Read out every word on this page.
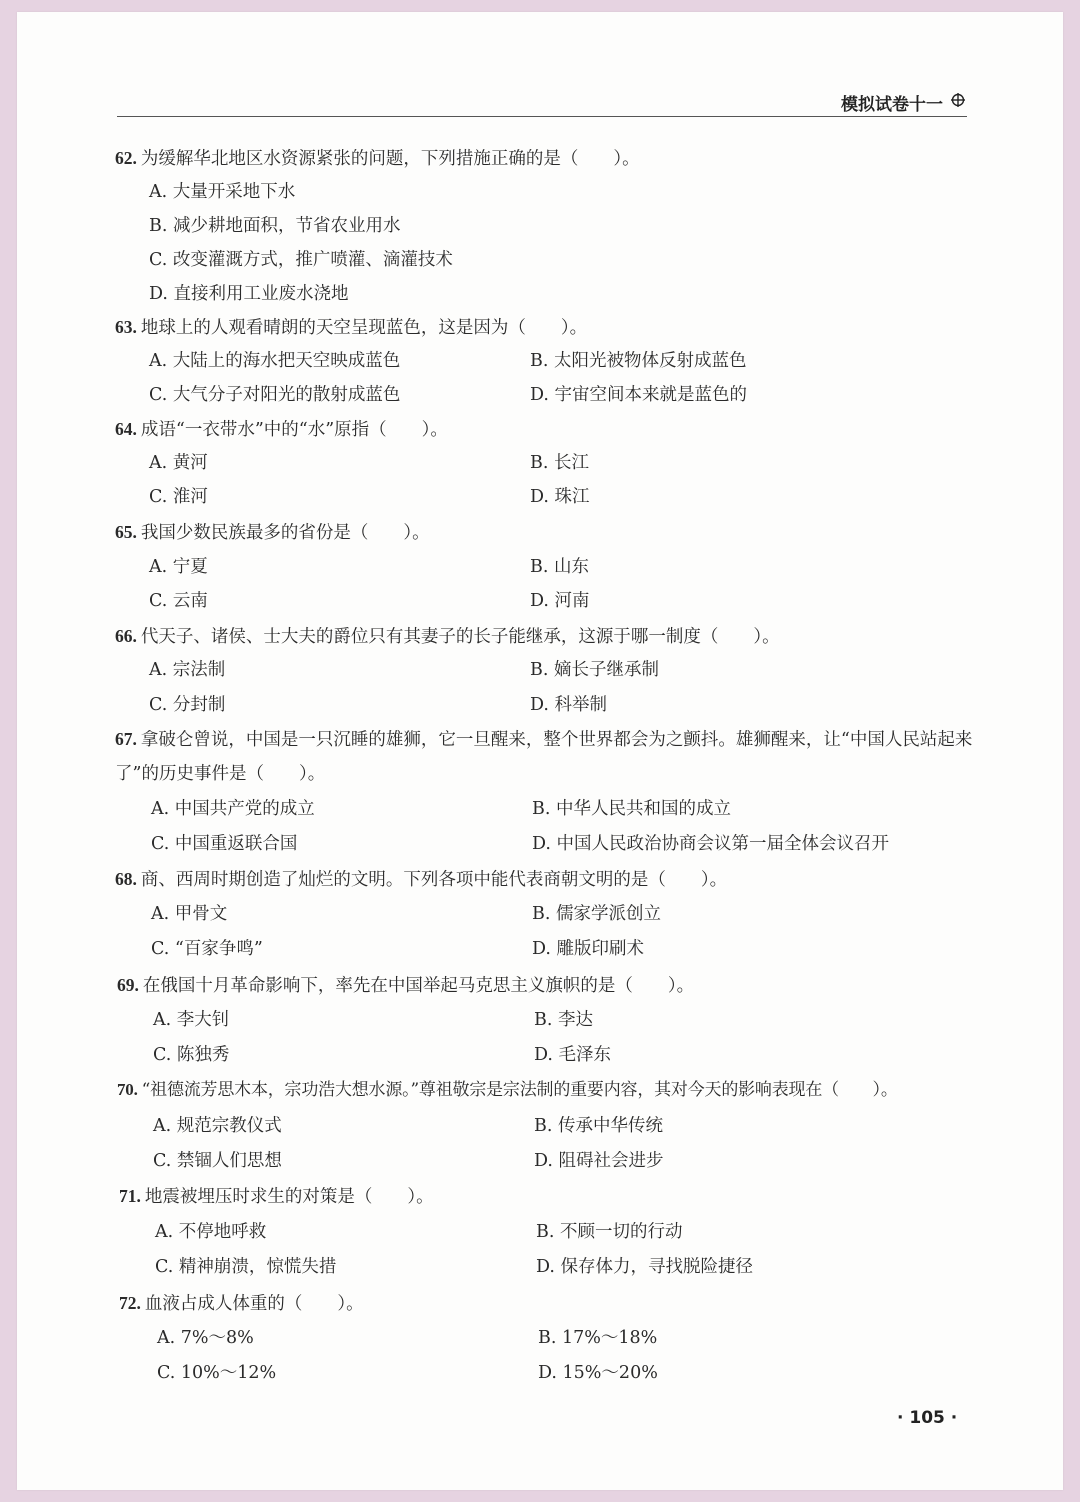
模拟试卷十一
62. 为缓解华北地区水资源紧张的问题，下列措施正确的是（　　）。
A. 大量开采地下水
B. 减少耕地面积，节省农业用水
C. 改变灌溉方式，推广喷灌、滴灌技术
D. 直接利用工业废水浇地
63. 地球上的人观看晴朗的天空呈现蓝色，这是因为（　　）。
A. 大陆上的海水把天空映成蓝色	B. 太阳光被物体反射成蓝色
C. 大气分子对阳光的散射成蓝色	D. 宇宙空间本来就是蓝色的
64. 成语“一衣带水”中的“水”原指（　　）。
A. 黄河	B. 长江
C. 淮河	D. 珠江
65. 我国少数民族最多的省份是（　　）。
A. 宁夏	B. 山东
C. 云南	D. 河南
66. 代天子、诸侯、士大夫的爵位只有其妻子的长子能继承，这源于哪一制度（　　）。
A. 宗法制	B. 嫡长子继承制
C. 分封制	D. 科举制
67. 拿破仑曾说，中国是一只沉睡的雄狮，它一旦醒来，整个世界都会为之颤抖。雄狮醒来，让“中国人民站起来了”的历史事件是（　　）。
A. 中国共产党的成立	B. 中华人民共和国的成立
C. 中国重返联合国	D. 中国人民政治协商会议第一届全体会议召开
68. 商、西周时期创造了灿烂的文明。下列各项中能代表商朝文明的是（　　）。
A. 甲骨文	B. 儒家学派创立
C. “百家争鸣”	D. 雕版印刷术
69. 在俄国十月革命影响下，率先在中国举起马克思主义旗帜的是（　　）。
A. 李大钊	B. 李达
C. 陈独秀	D. 毛泽东
70. “祖德流芳思木本，宗功浩大想水源。”尊祖敬宗是宗法制的重要内容，其对今天的影响表现在（　　）。
A. 规范宗教仪式	B. 传承中华传统
C. 禁锢人们思想	D. 阻碍社会进步
71. 地震被埋压时求生的对策是（　　）。
A. 不停地呼救	B. 不顾一切的行动
C. 精神崩溃，惊慌失措	D. 保存体力，寻找脱险捷径
72. 血液占成人体重的（　　）。
A. 7%～8%	B. 17%～18%
C. 10%～12%	D. 15%～20%
· 105 ·
